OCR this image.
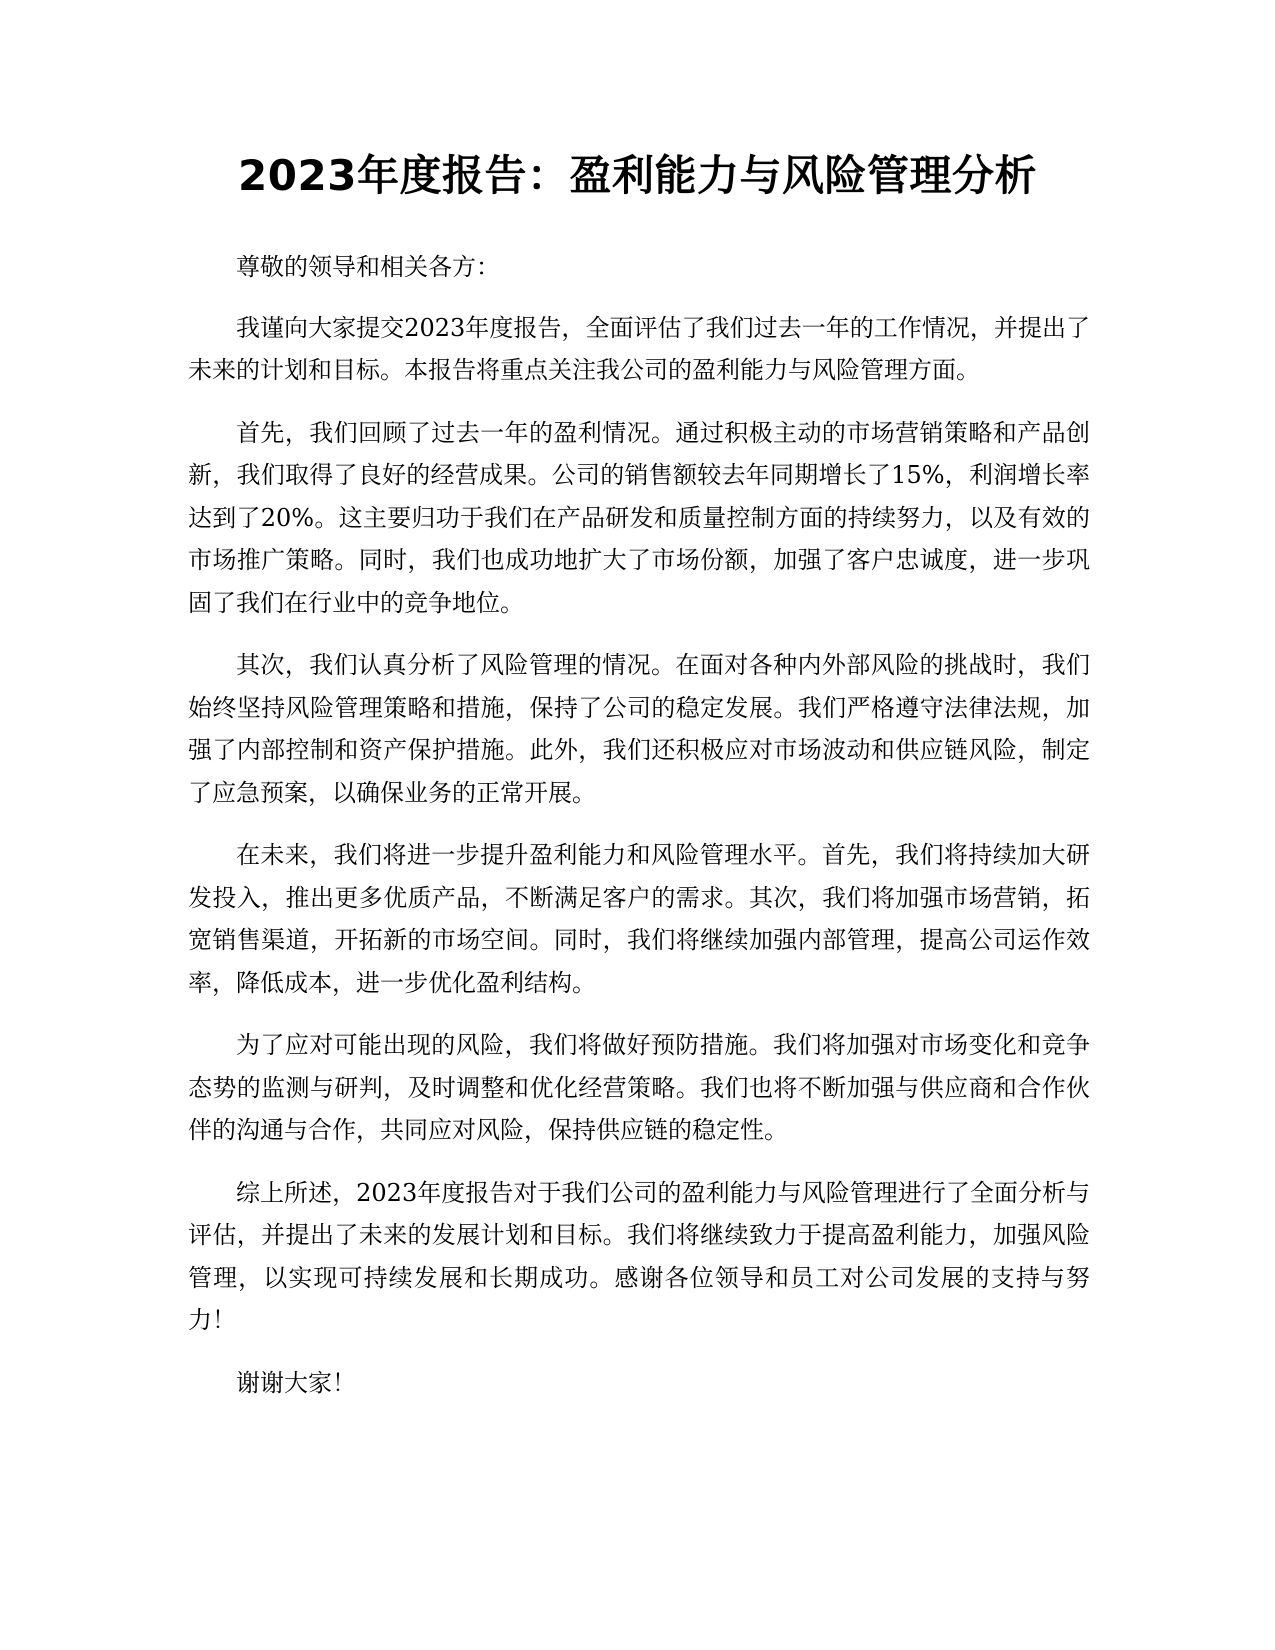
2023年度报告：盈利能力与风险管理分析

尊敬的领导和相关各方：

我谨向大家提交2023年度报告，全面评估了我们过去一年的工作情况，并提出了未来的计划和目标。本报告将重点关注我公司的盈利能力与风险管理方面。

首先，我们回顾了过去一年的盈利情况。通过积极主动的市场营销策略和产品创新，我们取得了良好的经营成果。公司的销售额较去年同期增长了15%，利润增长率达到了20%。这主要归功于我们在产品研发和质量控制方面的持续努力，以及有效的市场推广策略。同时，我们也成功地扩大了市场份额，加强了客户忠诚度，进一步巩固了我们在行业中的竞争地位。

其次，我们认真分析了风险管理的情况。在面对各种内外部风险的挑战时，我们始终坚持风险管理策略和措施，保持了公司的稳定发展。我们严格遵守法律法规，加强了内部控制和资产保护措施。此外，我们还积极应对市场波动和供应链风险，制定了应急预案，以确保业务的正常开展。

在未来，我们将进一步提升盈利能力和风险管理水平。首先，我们将持续加大研发投入，推出更多优质产品，不断满足客户的需求。其次，我们将加强市场营销，拓宽销售渠道，开拓新的市场空间。同时，我们将继续加强内部管理，提高公司运作效率，降低成本，进一步优化盈利结构。

为了应对可能出现的风险，我们将做好预防措施。我们将加强对市场变化和竞争态势的监测与研判，及时调整和优化经营策略。我们也将不断加强与供应商和合作伙伴的沟通与合作，共同应对风险，保持供应链的稳定性。

综上所述，2023年度报告对于我们公司的盈利能力与风险管理进行了全面分析与评估，并提出了未来的发展计划和目标。我们将继续致力于提高盈利能力，加强风险管理，以实现可持续发展和长期成功。感谢各位领导和员工对公司发展的支持与努力！

谢谢大家！
